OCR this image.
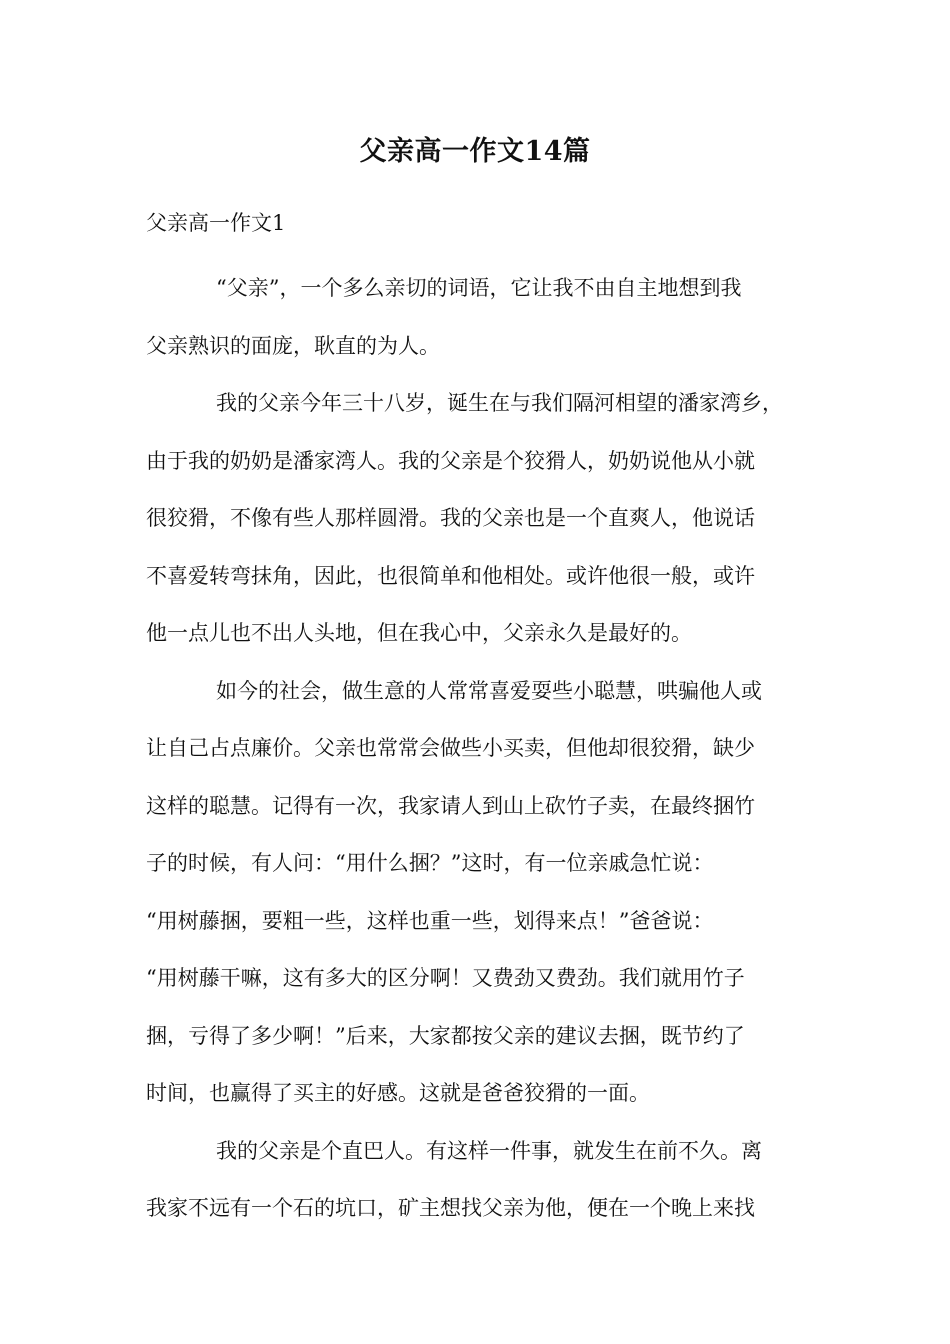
父亲高一作文14篇
父亲高一作文1

“父亲”，一个多么亲切的词语，它让我不由自主地想到我
父亲熟识的面庞，耿直的为人。

我的父亲今年三十八岁，诞生在与我们隔河相望的潘家湾乡，
由于我的奶奶是潘家湾人。我的父亲是个狡猾人，奶奶说他从小就
很狡猾，不像有些人那样圆滑。我的父亲也是一个直爽人，他说话
不喜爱转弯抹角，因此，也很简单和他相处。或许他很一般，或许
他一点儿也不出人头地，但在我心中，父亲永久是最好的。

如今的社会，做生意的人常常喜爱耍些小聪慧，哄骗他人或
让自己占点廉价。父亲也常常会做些小买卖，但他却很狡猾，缺少
这样的聪慧。记得有一次，我家请人到山上砍竹子卖，在最终捆竹
子的时候，有人问：“用什么捆？”这时，有一位亲戚急忙说：
“用树藤捆，要粗一些，这样也重一些，划得来点！”爸爸说：
“用树藤干嘛，这有多大的区分啊！又费劲又费劲。我们就用竹子
捆，亏得了多少啊！”后来，大家都按父亲的建议去捆，既节约了
时间，也赢得了买主的好感。这就是爸爸狡猾的一面。

我的父亲是个直巴人。有这样一件事，就发生在前不久。离
我家不远有一个石的坑口，矿主想找父亲为他，便在一个晚上来找
